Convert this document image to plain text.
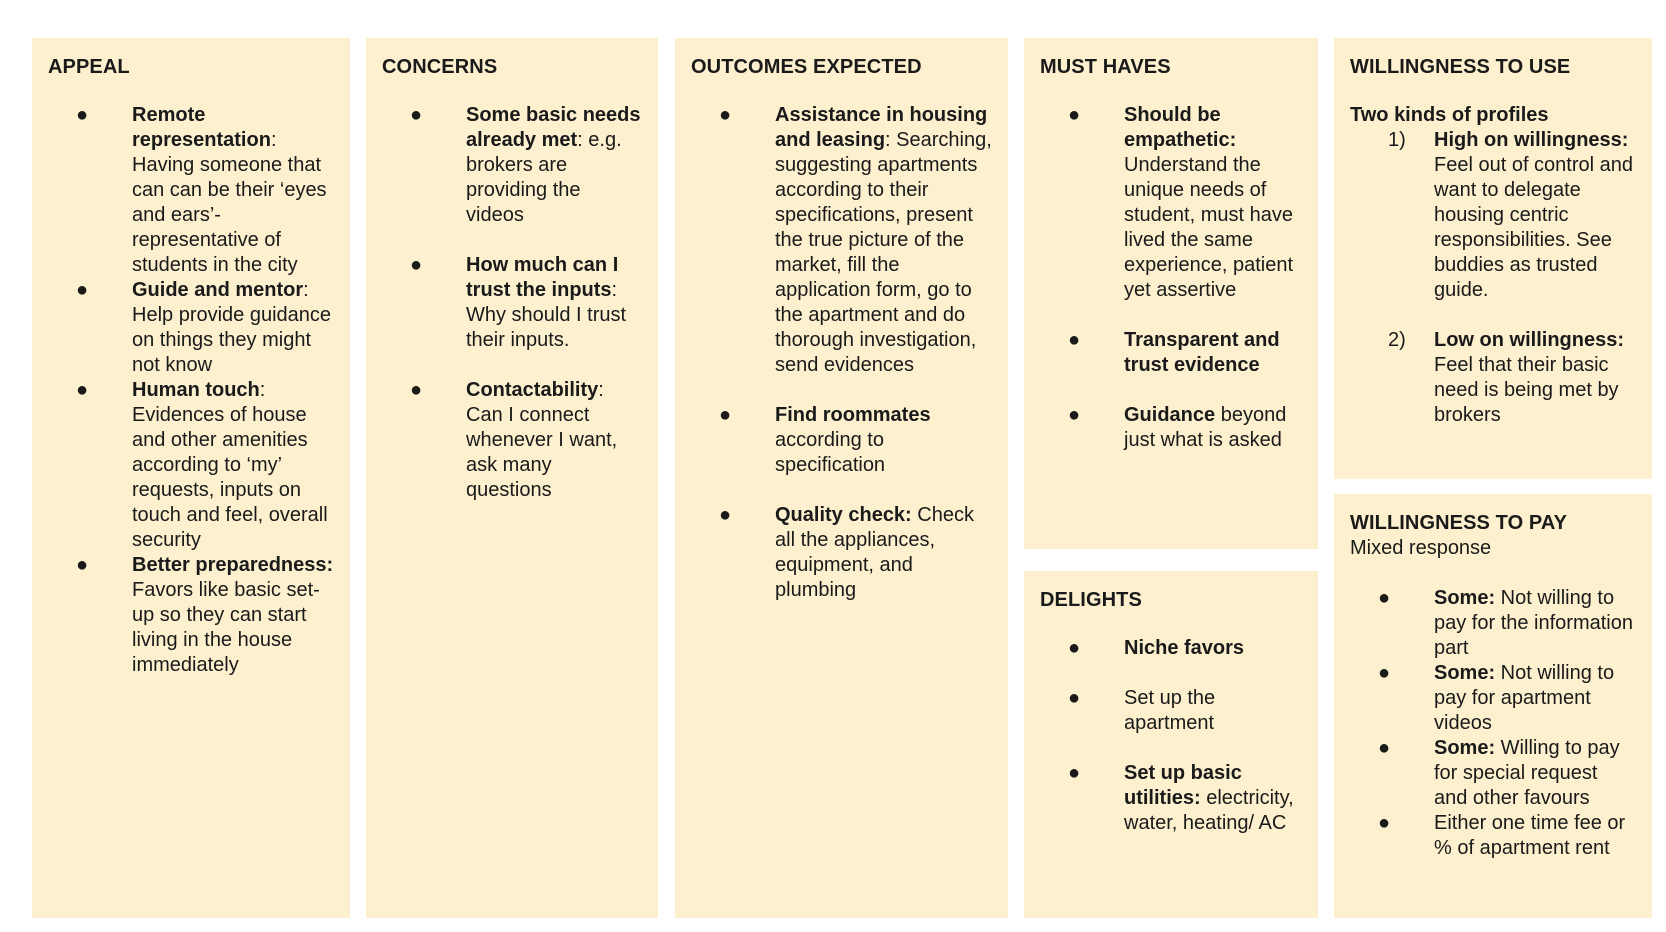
APPEAL
● Remote representation: Having someone that can can be their ‘eyes and ears’- representative of students in the city
● Guide and mentor: Help provide guidance on things they might not know
● Human touch: Evidences of house and other amenities according to ‘my’ requests, inputs on touch and feel, overall security
● Better preparedness: Favors like basic set-up so they can start living in the house immediately
CONCERNS
● Some basic needs already met: e.g. brokers are providing the videos
● How much can I trust the inputs: Why should I trust their inputs.
● Contactability: Can I connect whenever I want, ask many questions
OUTCOMES EXPECTED
● Assistance in housing and leasing: Searching, suggesting apartments according to their specifications, present the true picture of the market, fill the application form, go to the apartment and do thorough investigation, send evidences
● Find roommates according to specification
● Quality check: Check all the appliances, equipment, and plumbing
MUST HAVES
● Should be empathetic: Understand the unique needs of student, must have lived the same experience, patient yet assertive
● Transparent and trust evidence
● Guidance beyond just what is asked
DELIGHTS
● Niche favors
● Set up the apartment
● Set up basic utilities: electricity, water, heating/ AC
WILLINGNESS TO USE
Two kinds of profiles
1) High on willingness: Feel out of control and want to delegate housing centric responsibilities. See buddies as trusted guide.
2) Low on willingness: Feel that their basic need is being met by brokers
WILLINGNESS TO PAY
Mixed response
● Some: Not willing to pay for the information part
● Some: Not willing to pay for apartment videos
● Some: Willing to pay for special request and other favours
● Either one time fee or % of apartment rent
